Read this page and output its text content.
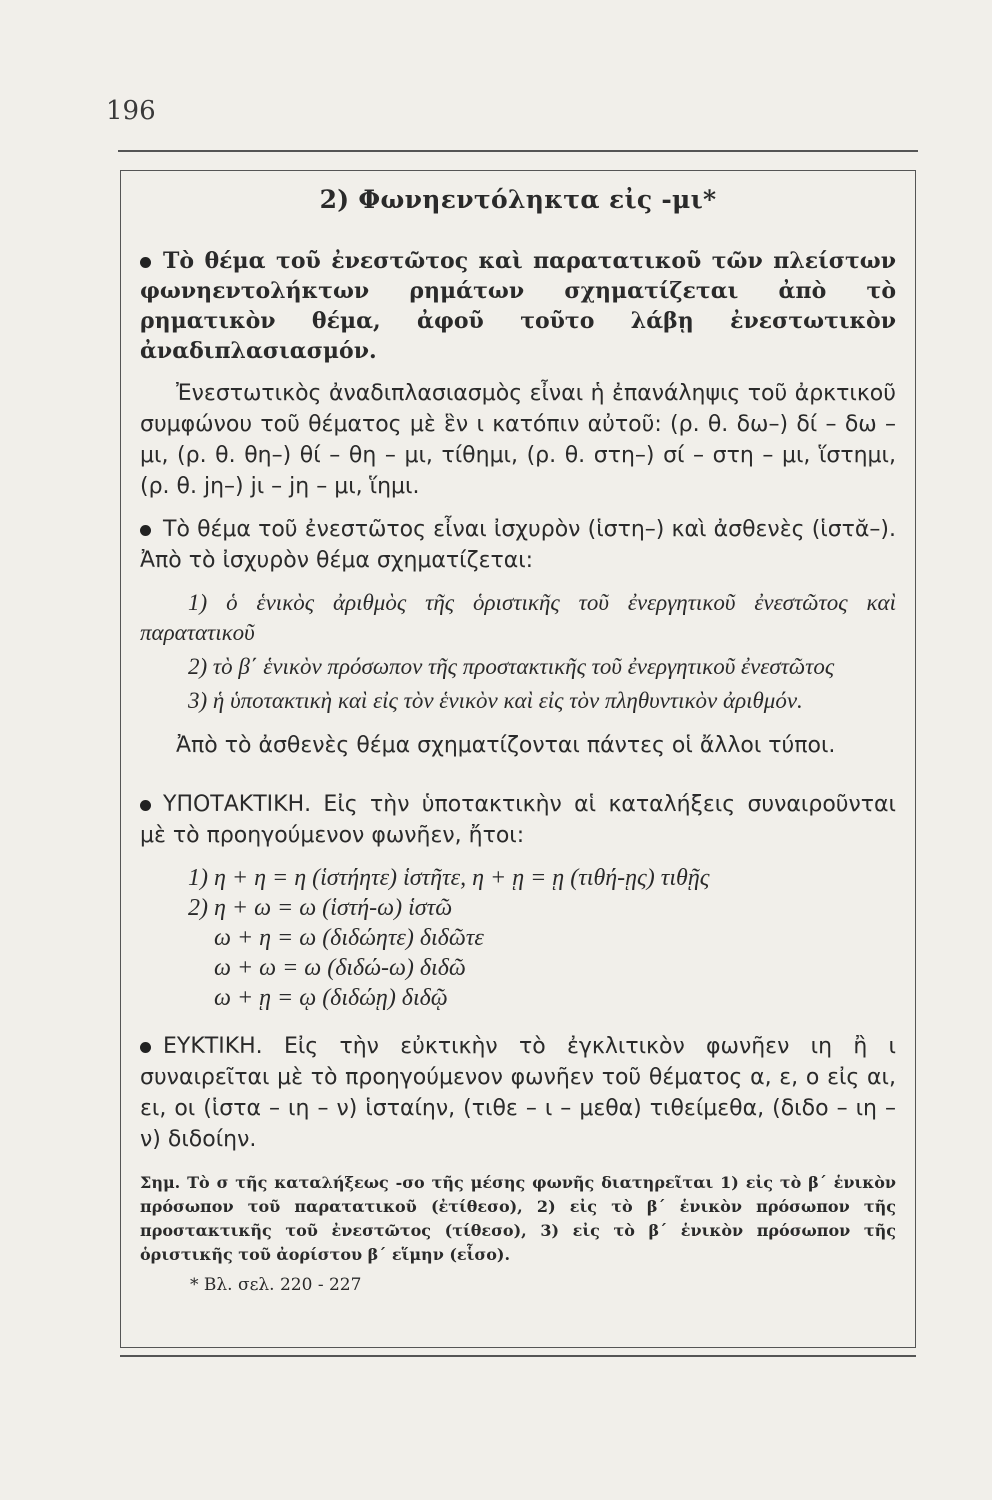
196
2) Φωνηεντόληκτα εἰς -μι*

Τὸ θέμα τοῦ ἐνεστῶτος καὶ παρατατικοῦ τῶν πλείστων φωνηεντολήκτων ρημάτων σχηματίζεται ἀπὸ τὸ ρηματικὸν θέμα, ἀφοῦ τοῦτο λάβῃ ἐνεστωτικὸν ἀναδιπλασιασμόν.

Ἐνεστωτικὸς ἀναδιπλασιασμὸς εἶναι ἡ ἐπανάληψις τοῦ ἀρκτικοῦ συμφώνου τοῦ θέματος μὲ ἓν ι κατόπιν αὐτοῦ: (ρ. θ. δω–) δί – δω – μι, (ρ. θ. θη–) θί – θη – μι, τίθημι, (ρ. θ. στη–) σί – στη – μι, ἵστημι, (ρ. θ. jη–) jι – jη – μι, ἵημι.

Τὸ θέμα τοῦ ἐνεστῶτος εἶναι ἰσχυρὸν (ἱστη–) καὶ ἀσθενὲς (ἱστᾰ–). Ἀπὸ τὸ ἰσχυρὸν θέμα σχηματίζεται:

1) ὁ ἑνικὸς ἀριθμὸς τῆς ὁριστικῆς τοῦ ἐνεργητικοῦ ἐνεστῶτος καὶ παρατατικοῦ

2) τὸ β΄ ἑνικὸν πρόσωπον τῆς προστακτικῆς τοῦ ἐνεργητικοῦ ἐνεστῶτος

3) ἡ ὑποτακτικὴ καὶ εἰς τὸν ἑνικὸν καὶ εἰς τὸν πληθυντικὸν ἀριθμόν.

Ἀπὸ τὸ ἀσθενὲς θέμα σχηματίζονται πάντες οἱ ἄλλοι τύποι.

ΥΠΟΤΑΚΤΙΚΗ. Εἰς τὴν ὑποτακτικὴν αἱ καταλήξεις συναιροῦνται μὲ τὸ προηγούμενον φωνῆεν, ἤτοι:

1) η + η = η (ἱστήητε) ἱστῆτε, η + ῃ = ῃ (τιθή-ῃς) τιθῇς

2) η + ω = ω (ἱστή-ω) ἱστῶ

ω + η = ω (διδώητε) διδῶτε

ω + ω = ω (διδώ-ω) διδῶ

ω + ῃ = ῳ (διδώῃ) διδῷ

ΕΥΚΤΙΚΗ. Εἰς τὴν εὐκτικὴν τὸ ἐγκλιτικὸν φωνῆεν ιη ἢ ι συναιρεῖται μὲ τὸ προηγούμενον φωνῆεν τοῦ θέματος α, ε, ο εἰς αι, ει, οι (ἱστα – ιη – ν) ἱσταίην, (τιθε – ι – μεθα) τιθείμεθα, (διδο – ιη – ν) διδοίην.

Σημ. Τὸ σ τῆς καταλήξεως -σο τῆς μέσης φωνῆς διατηρεῖται 1) εἰς τὸ β΄ ἑνικὸν πρόσωπον τοῦ παρατατικοῦ (ἐτίθεσο), 2) εἰς τὸ β΄ ἑνικὸν πρόσωπον τῆς προστακτικῆς τοῦ ἐνεστῶτος (τίθεσο), 3) εἰς τὸ β΄ ἑνικὸν πρόσωπον τῆς ὁριστικῆς τοῦ ἀορίστου β΄ εἵμην (εἷσο).

* Βλ. σελ. 220 - 227
